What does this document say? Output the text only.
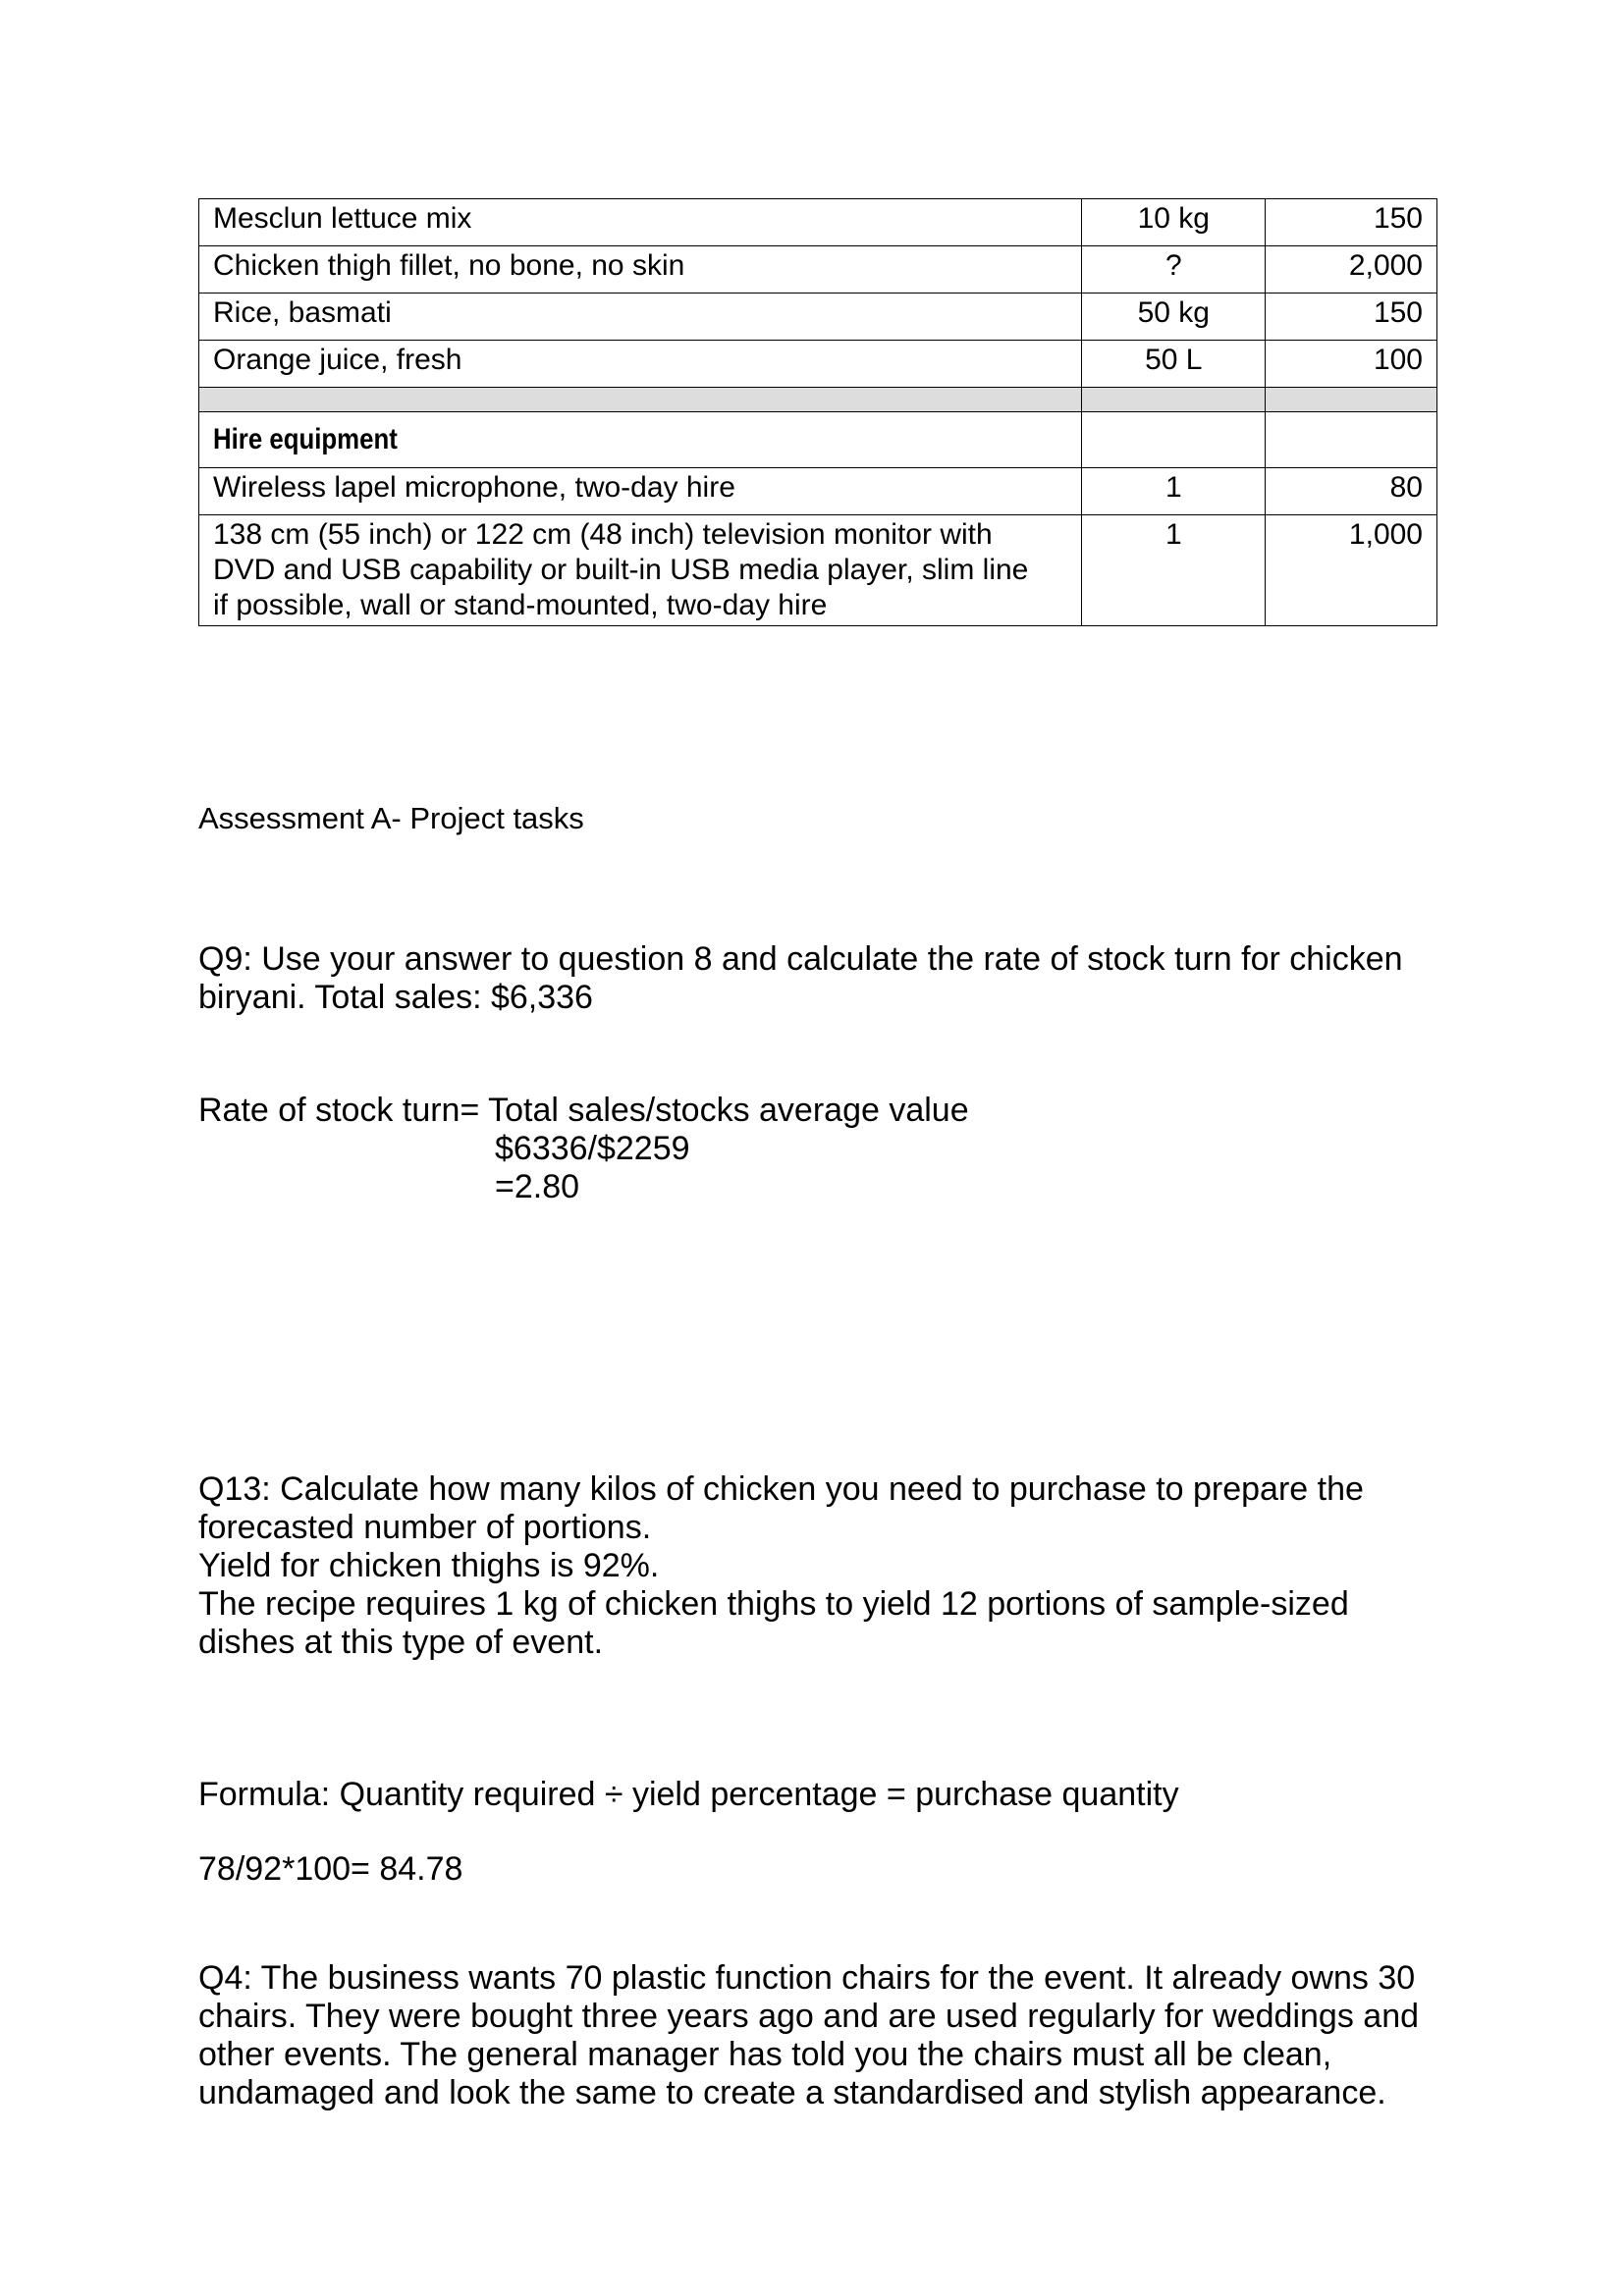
Mesclun lettuce mix	10 kg	150
Chicken thigh fillet, no bone, no skin	?	2,000
Rice, basmati	50 kg	150
Orange juice, fresh	50 L	100

Hire equipment		
Wireless lapel microphone, two-day hire	1	80

138 cm (55 inch) or 122 cm (48 inch) television monitor with
DVD and USB capability or built-in USB media player, slim line
if possible, wall or stand-mounted, two-day hire	1	1,000
Assessment A- Project tasks
Q9: Use your answer to question 8 and calculate the rate of stock turn for chicken
biryani. Total sales: $6,336
Rate of stock turn= Total sales/stocks average value
$6336/$2259
=2.80
Q13: Calculate how many kilos of chicken you need to purchase to prepare the
forecasted number of portions.
Yield for chicken thighs is 92%.
The recipe requires 1 kg of chicken thighs to yield 12 portions of sample-sized
dishes at this type of event.
Formula: Quantity required ÷ yield percentage = purchase quantity
78/92*100= 84.78
Q4: The business wants 70 plastic function chairs for the event. It already owns 30
chairs. They were bought three years ago and are used regularly for weddings and
other events. The general manager has told you the chairs must all be clean,
undamaged and look the same to create a standardised and stylish appearance.
